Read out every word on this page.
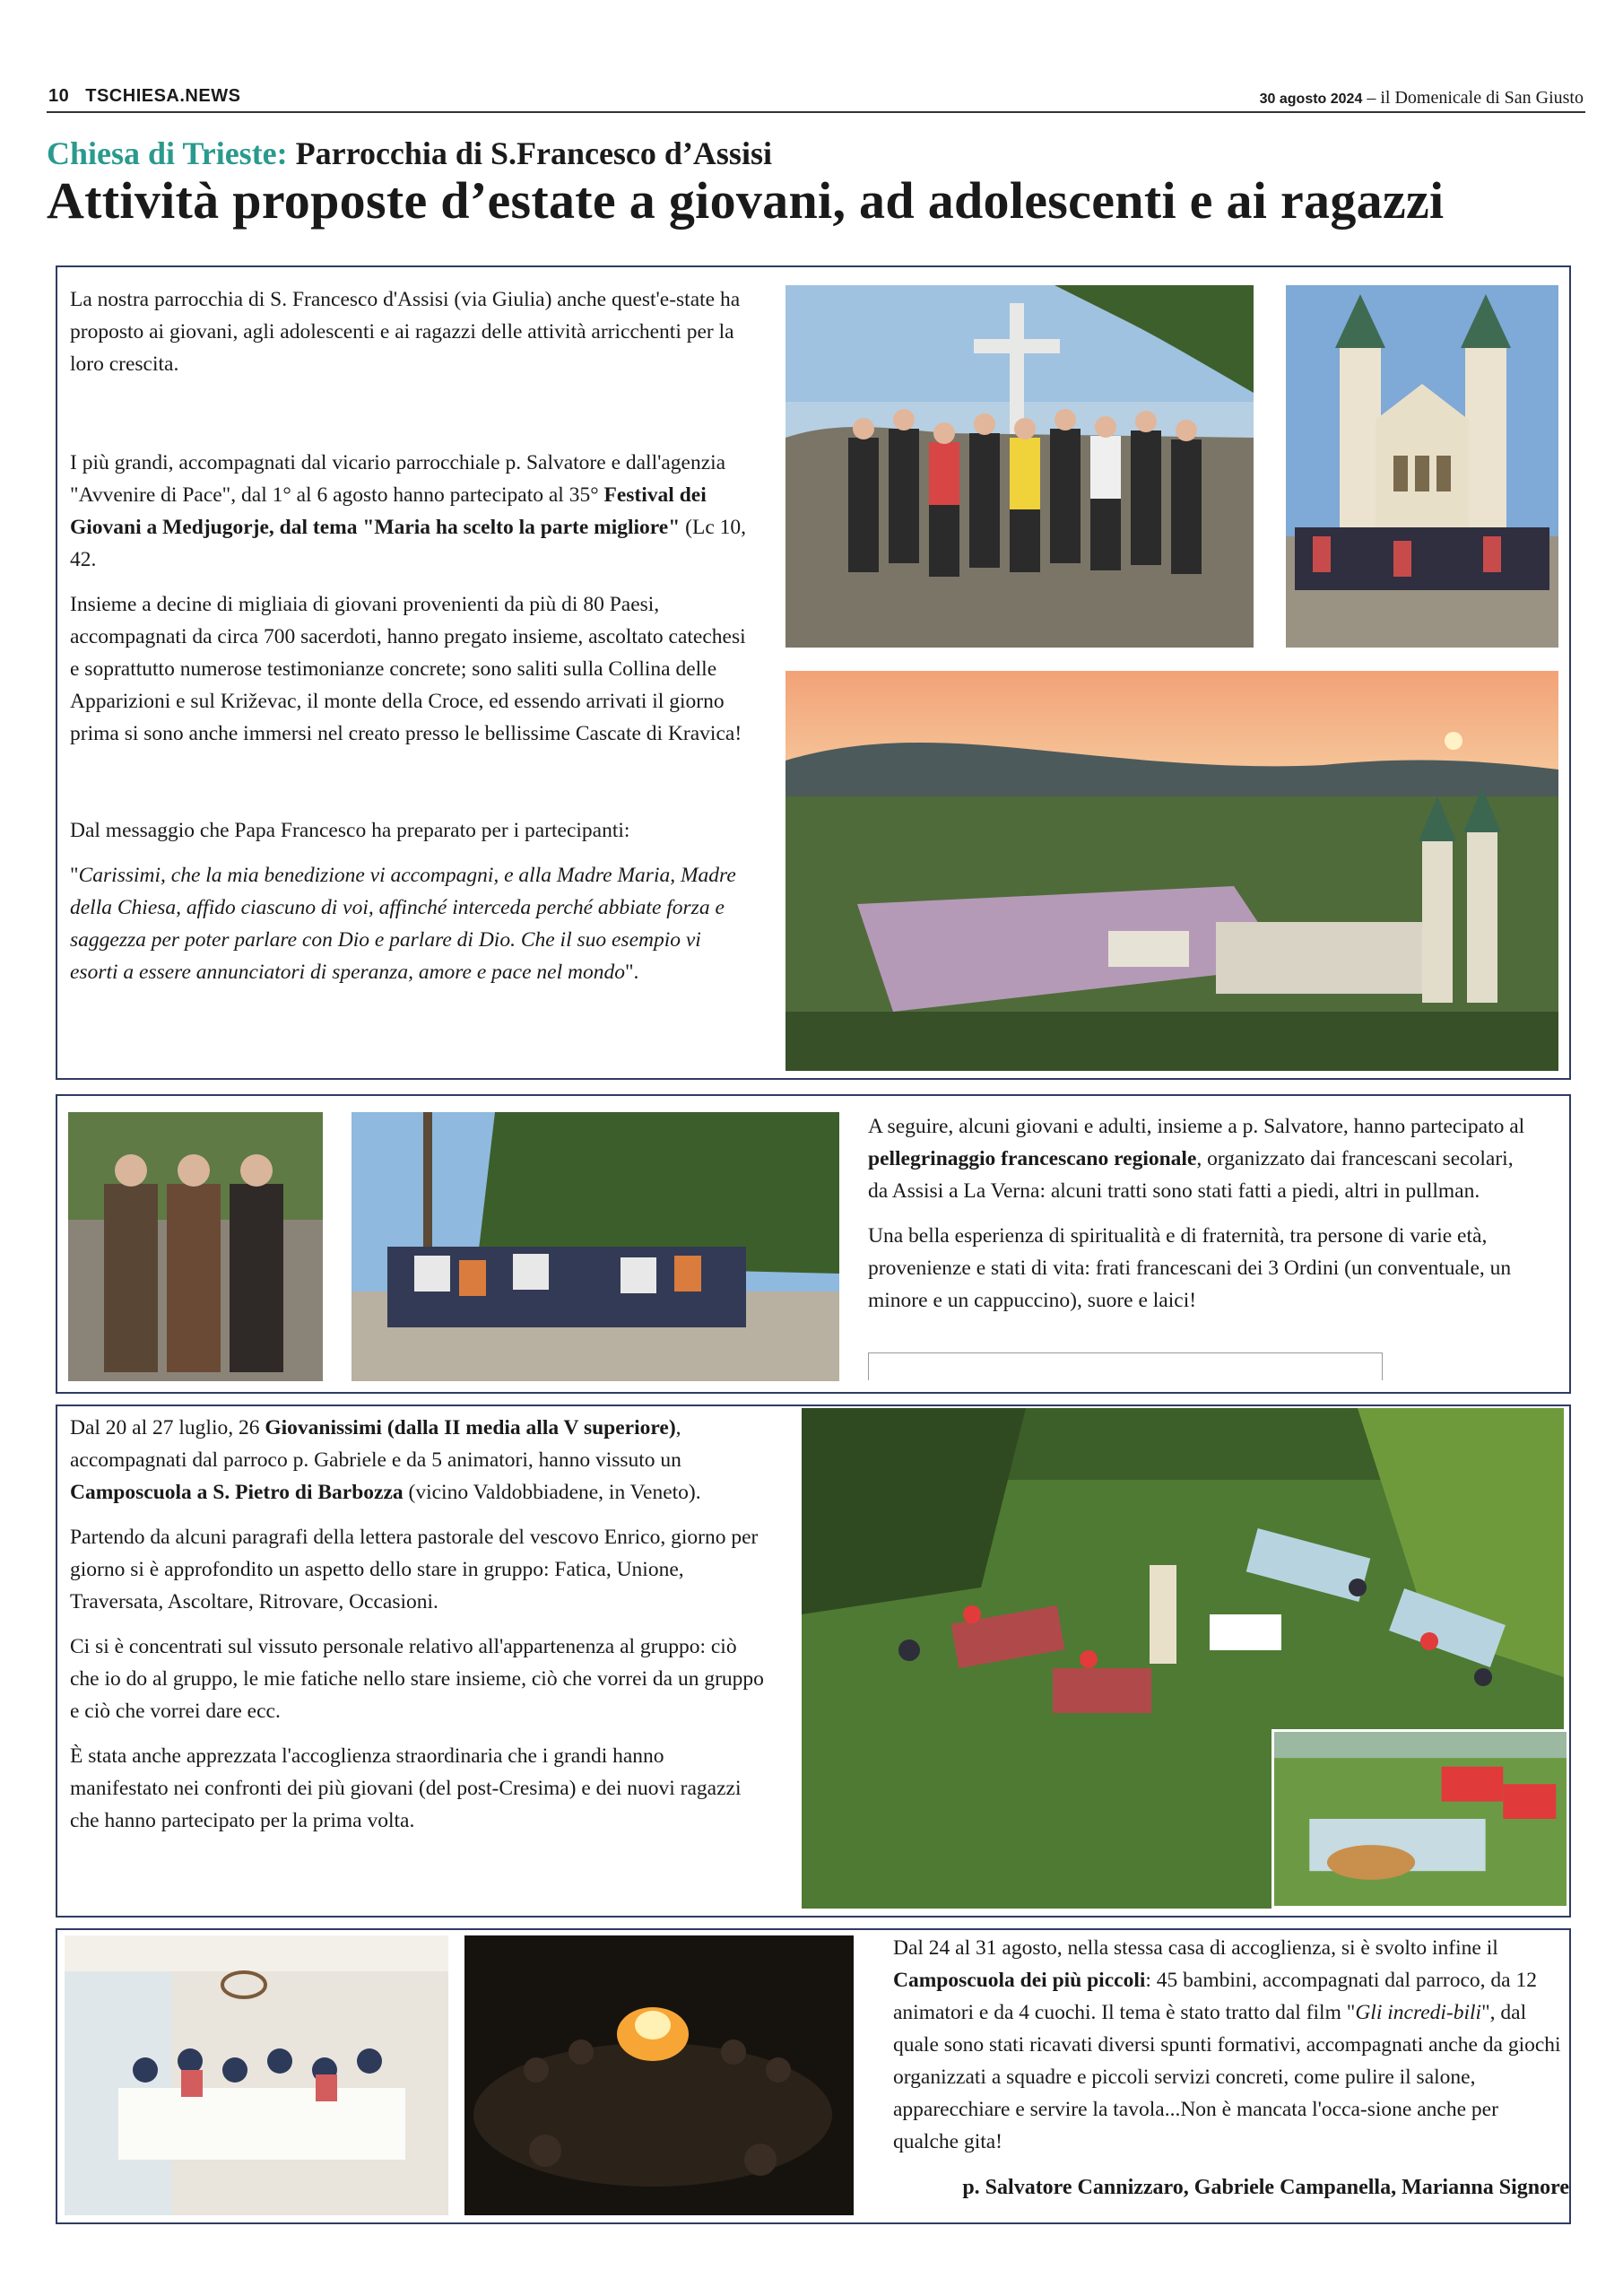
10 TSCHIESA.NEWS	30 agosto 2024 – il Domenicale di San Giusto
Chiesa di Trieste: Parrocchia di S.Francesco d’Assisi
Attività proposte d’estate a giovani, ad adolescenti e ai ragazzi

La nostra parrocchia di S. Francesco d'Assisi (via Giulia) anche quest'e-state ha proposto ai giovani, agli adolescenti e ai ragazzi delle attività arricchenti per la loro crescita.

I più grandi, accompagnati dal vicario parrocchiale p. Salvatore e dall'agenzia "Avvenire di Pace", dal 1° al 6 agosto hanno partecipato al 35° Festival dei Giovani a Medjugorje, dal tema "Maria ha scelto la parte migliore" (Lc 10, 42.

Insieme a decine di migliaia di giovani provenienti da più di 80 Paesi, accompagnati da circa 700 sacerdoti, hanno pregato insieme, ascoltato catechesi e soprattutto numerose testimonianze concrete; sono saliti sulla Collina delle Apparizioni e sul Križevac, il monte della Croce, ed essendo arrivati il giorno prima si sono anche immersi nel creato presso le bellissime Cascate di Kravica!

Dal messaggio che Papa Francesco ha preparato per i partecipanti:

"Carissimi, che la mia benedizione vi accompagni, e alla Madre Maria, Madre della Chiesa, affido ciascuno di voi, affinché interceda perché abbiate forza e saggezza per poter parlare con Dio e parlare di Dio. Che il suo esempio vi esorti a essere annunciatori di speranza, amore e pace nel mondo".

A seguire, alcuni giovani e adulti, insieme a p. Salvatore, hanno partecipato al pellegrinaggio francescano regionale, organizzato dai francescani secolari, da Assisi a La Verna: alcuni tratti sono stati fatti a piedi, altri in pullman.

Una bella esperienza di spiritualità e di fraternità, tra persone di varie età, provenienze e stati di vita: frati francescani dei 3 Ordini (un conventuale, un minore e un cappuccino), suore e laici!

Dal 20 al 27 luglio, 26 Giovanissimi (dalla II media alla V superiore), accompagnati dal parroco p. Gabriele e da 5 animatori, hanno vissuto un Camposcuola a S. Pietro di Barbozza (vicino Valdobbiadene, in Veneto).

Partendo da alcuni paragrafi della lettera pastorale del vescovo Enrico, giorno per giorno si è approfondito un aspetto dello stare in gruppo: Fatica, Unione, Traversata, Ascoltare, Ritrovare, Occasioni.

Ci si è concentrati sul vissuto personale relativo all'appartenenza al gruppo: ciò che io do al gruppo, le mie fatiche nello stare insieme, ciò che vorrei da un gruppo e ciò che vorrei dare ecc.

È stata anche apprezzata l'accoglienza straordinaria che i grandi hanno manifestato nei confronti dei più giovani (del post-Cresima) e dei nuovi ragazzi che hanno partecipato per la prima volta.

Dal 24 al 31 agosto, nella stessa casa di accoglienza, si è svolto infine il Camposcuola dei più piccoli: 45 bambini, accompagnati dal parroco, da 12 animatori e da 4 cuochi. Il tema è stato tratto dal film "Gli incredi-bili", dal quale sono stati ricavati diversi spunti formativi, accompagnati anche da giochi organizzati a squadre e piccoli servizi concreti, come pulire il salone, apparecchiare e servire la tavola...Non è mancata l'occa-sione anche per qualche gita!

p. Salvatore Cannizzaro, Gabriele Campanella, Marianna Signore
